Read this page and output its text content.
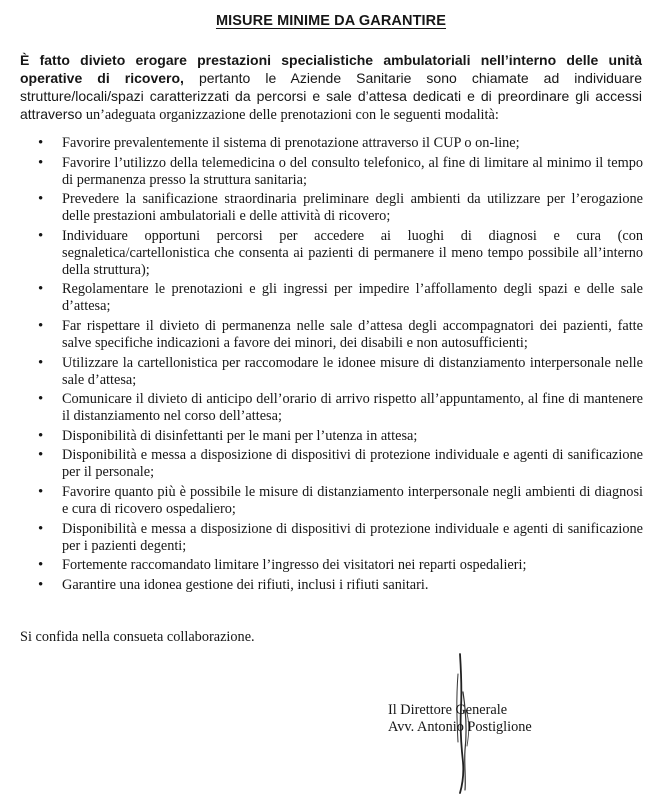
MISURE MINIME DA GARANTIRE
È fatto divieto erogare prestazioni specialistiche ambulatoriali nell’interno delle unità operative di ricovero, pertanto le Aziende Sanitarie sono chiamate ad individuare strutture/locali/spazi caratterizzati da percorsi e sale d’attesa dedicati e di preordinare gli accessi attraverso un’adeguata organizzazione delle prenotazioni con le seguenti modalità:
• Favorire prevalentemente il sistema di prenotazione attraverso il CUP o on-line;
• Favorire l’utilizzo della telemedicina o del consulto telefonico, al fine di limitare al minimo il tempo di permanenza presso la struttura sanitaria;
• Prevedere la sanificazione straordinaria preliminare degli ambienti da utilizzare per l’erogazione delle prestazioni ambulatoriali e delle attività di ricovero;
• Individuare opportuni percorsi per accedere ai luoghi di diagnosi e cura (con segnaletica/cartellonistica che consenta ai pazienti di permanere il meno tempo possibile all’interno della struttura);
• Regolamentare le prenotazioni e gli ingressi per impedire l’affollamento degli spazi e delle sale d’attesa;
• Far rispettare il divieto di permanenza nelle sale d’attesa degli accompagnatori dei pazienti, fatte salve specifiche indicazioni a favore dei minori, dei disabili e non autosufficienti;
• Utilizzare la cartellonistica per raccomodare le idonee misure di distanziamento interpersonale nelle sale d’attesa;
• Comunicare il divieto di anticipo dell’orario di arrivo rispetto all’appuntamento, al fine di mantenere il distanziamento nel corso dell’attesa;
• Disponibilità di disinfettanti per le mani per l’utenza in attesa;
• Disponibilità e messa a disposizione di dispositivi di protezione individuale e agenti di sanificazione per il personale;
• Favorire quanto più è possibile le misure di distanziamento interpersonale negli ambienti di diagnosi e cura di ricovero ospedaliero;
• Disponibilità e messa a disposizione di dispositivi di protezione individuale e agenti di sanificazione per i pazienti degenti;
• Fortemente raccomandato limitare l’ingresso dei visitatori nei reparti ospedalieri;
• Garantire una idonea gestione dei rifiuti, inclusi i rifiuti sanitari.
Si confida nella consueta collaborazione.
Il Direttore Generale
Avv. Antonio Postiglione
